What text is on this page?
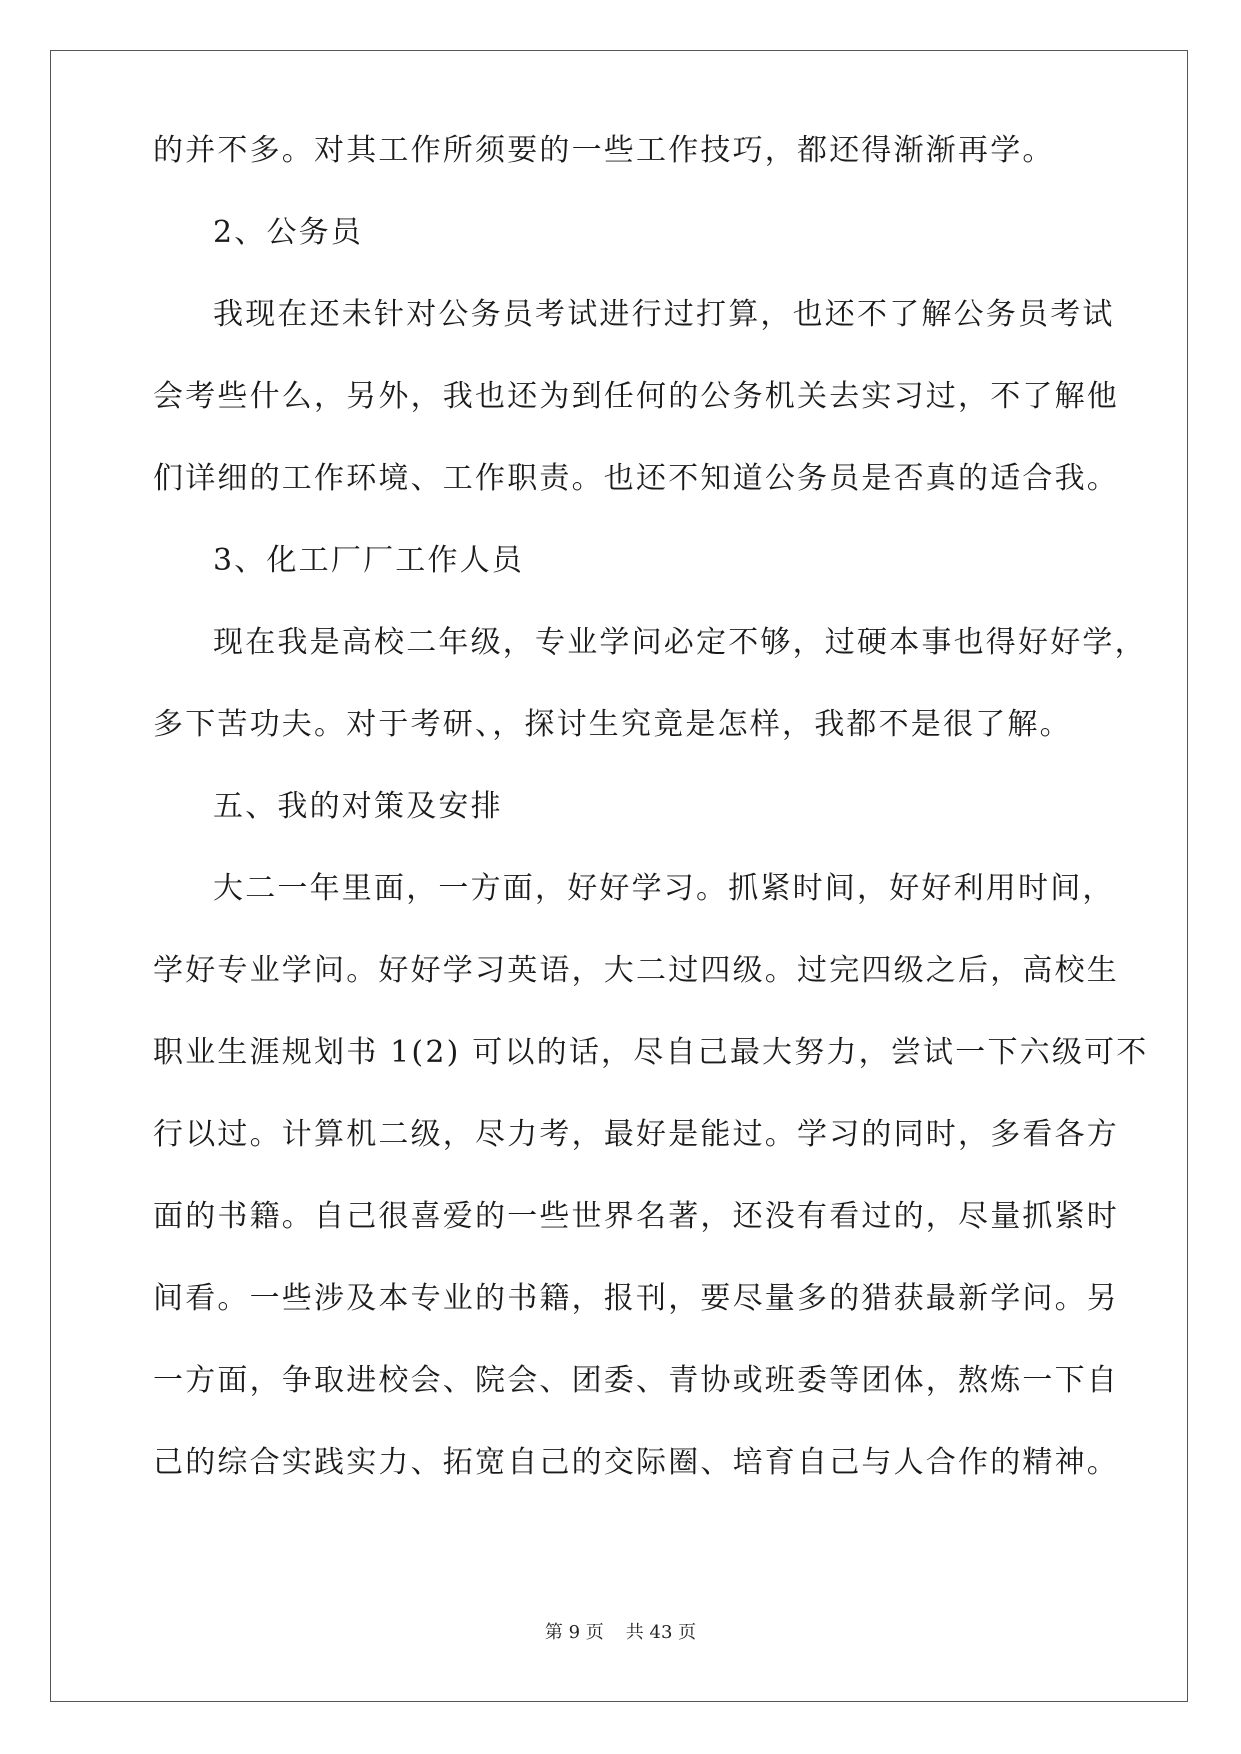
的并不多。对其工作所须要的一些工作技巧，都还得渐渐再学。
2、公务员
我现在还未针对公务员考试进行过打算，也还不了解公务员考试
会考些什么，另外，我也还为到任何的公务机关去实习过，不了解他
们详细的工作环境、工作职责。也还不知道公务员是否真的适合我。
3、化工厂厂工作人员
现在我是高校二年级，专业学问必定不够，过硬本事也得好好学，
多下苦功夫。对于考研、，探讨生究竟是怎样，我都不是很了解。
五、我的对策及安排
大二一年里面，一方面，好好学习。抓紧时间，好好利用时间，
学好专业学问。好好学习英语，大二过四级。过完四级之后，高校生
职业生涯规划书 1(2) 可以的话，尽自己最大努力，尝试一下六级可不
行以过。计算机二级，尽力考，最好是能过。学习的同时，多看各方
面的书籍。自己很喜爱的一些世界名著，还没有看过的，尽量抓紧时
间看。一些涉及本专业的书籍，报刊，要尽量多的猎获最新学问。另
一方面，争取进校会、院会、团委、青协或班委等团体，熬炼一下自
己的综合实践实力、拓宽自己的交际圈、培育自己与人合作的精神。
第 9 页 共 43 页
